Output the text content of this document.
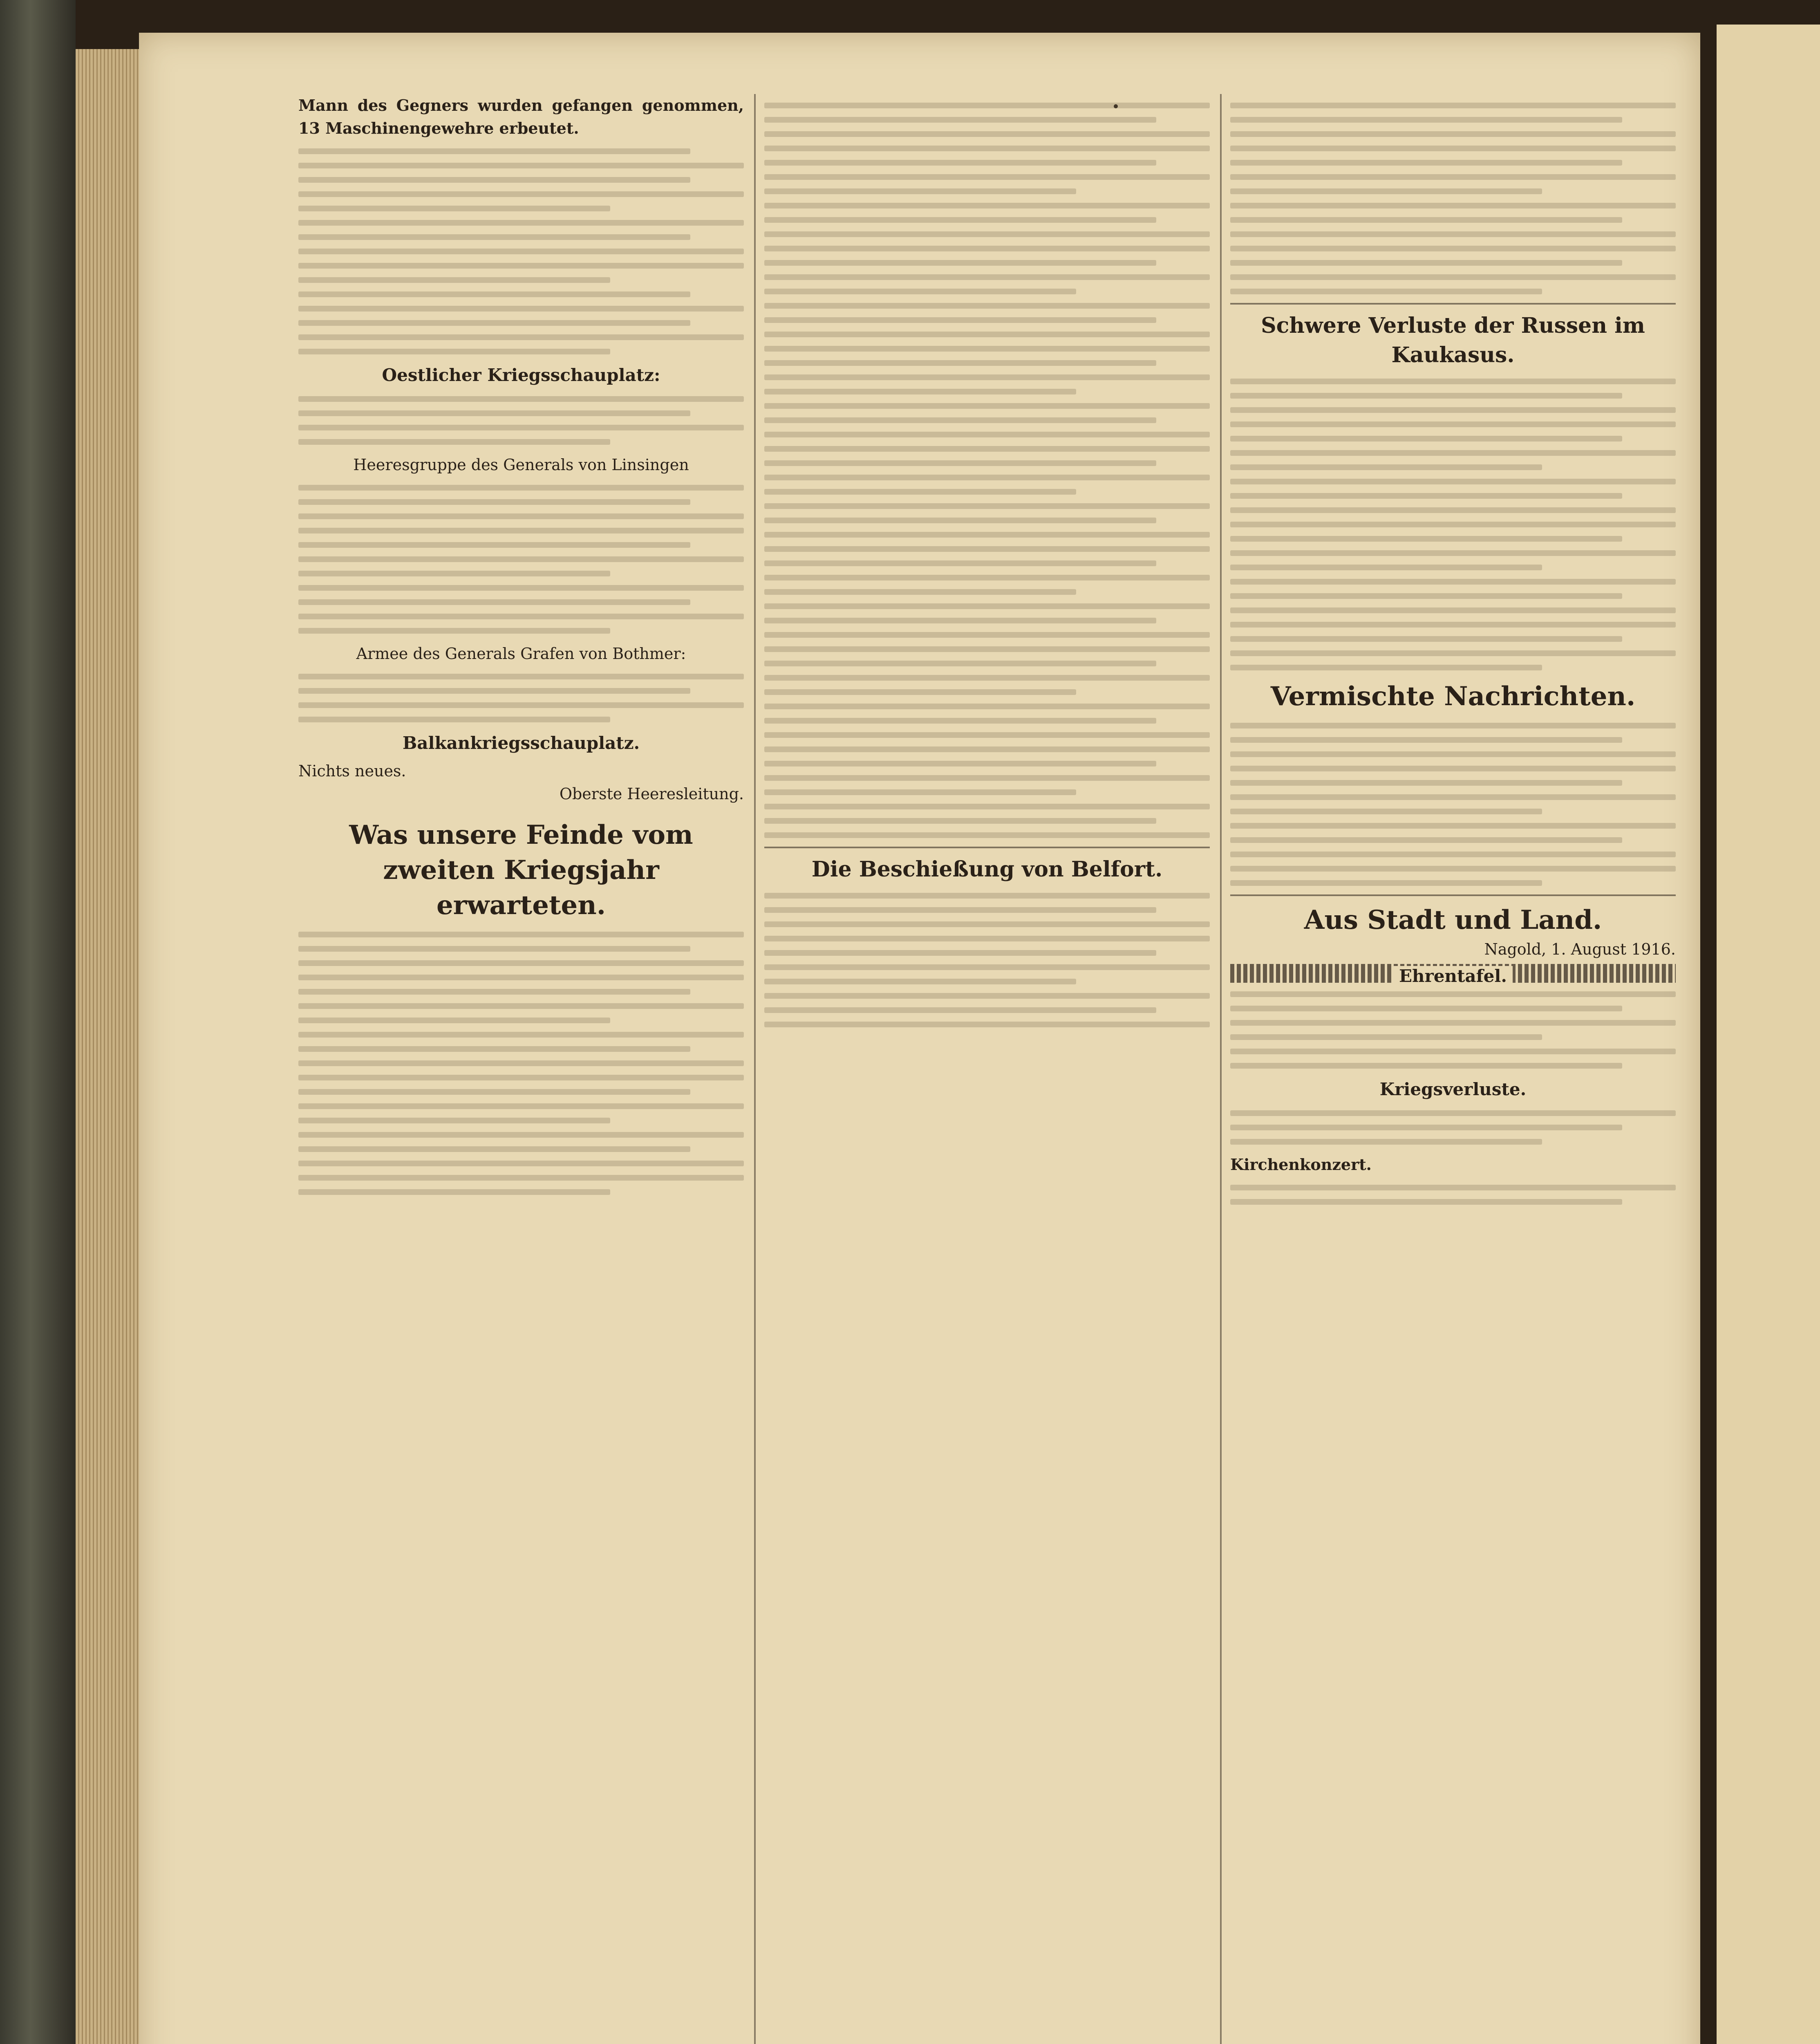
Mann des Gegners wurden gefangen genommen, 13 Maschinengewehre erbeutet.
Oestlicher Kriegsschauplatz:
Heeresgruppe des Generals von Linsingen
Armee des Generals Grafen von Bothmer:
Balkankriegsschauplatz.
Nichts neues.
Oberste Heeresleitung.
Was unsere Feinde vom zweiten Kriegsjahr erwarteten.
Die Beschießung von Belfort.
Schwere Verluste der Russen im Kaukasus.
Vermischte Nachrichten.
Aus Stadt und Land.
Nagold, 1. August 1916.
Ehrentafel.
Kriegsverluste.
Kirchenkonzert.
